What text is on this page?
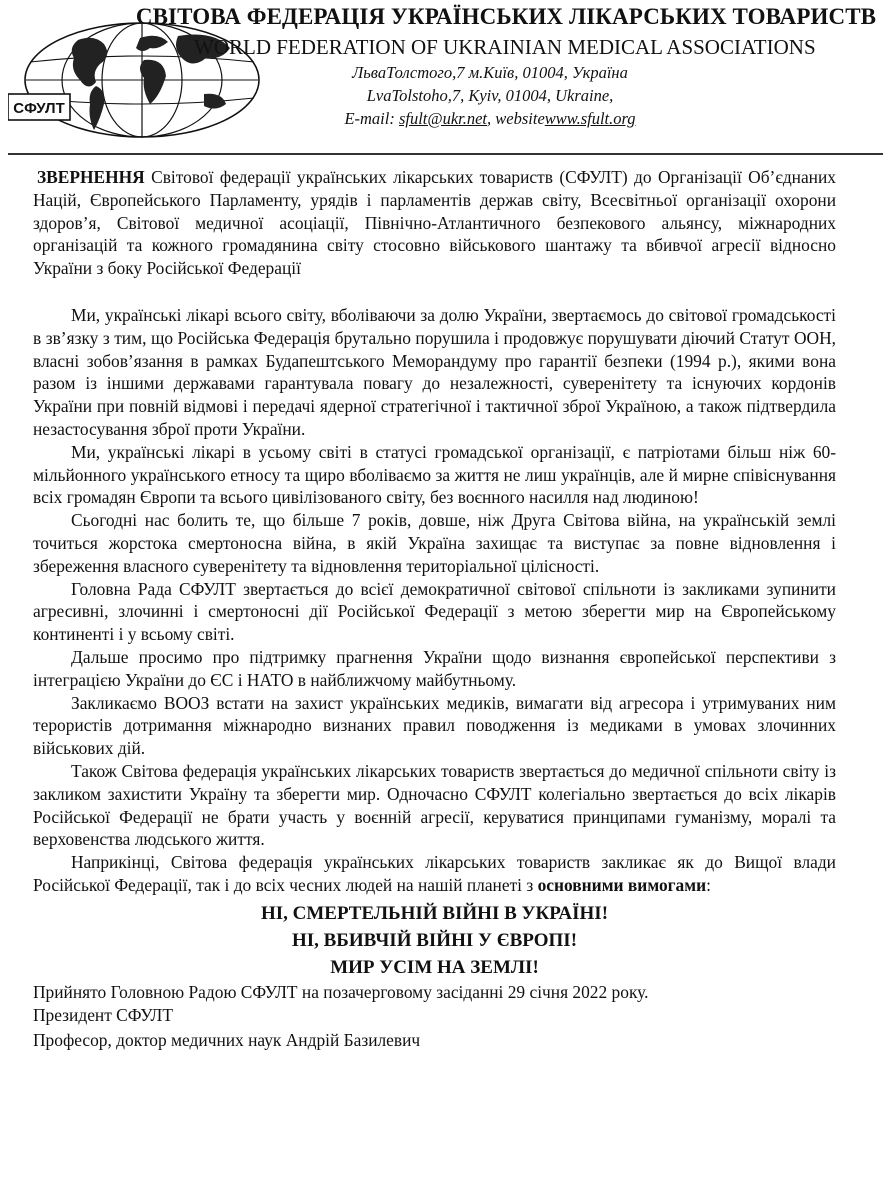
СФУЛТ
СВІТОВА ФЕДЕРАЦІЯ УКРАЇНСЬКИХ ЛІКАРСЬКИХ ТОВАРИСТВ
WORLD FEDERATION OF UKRAINIAN MEDICAL ASSOCIATIONS
ЛьваТолстого,7 м.Київ, 01004, Україна
LvaTolstoho,7, Kyiv, 01004, Ukraine,
E-mail: sfult@ukr.net, websitewww.sfult.org

ЗВЕРНЕННЯ Світової федерації українських лікарських товариств (СФУЛТ) до Організації Об’єднаних Націй, Європейського Парламенту, урядів і парламентів держав світу, Всесвітньої організації охорони здоров’я, Світової медичної асоціації, Північно-Атлантичного безпекового альянсу, міжнародних організацій та кожного громадянина світу стосовно військового шантажу та вбивчої агресії відносно України з боку Російської Федерації

Ми, українські лікарі всього світу, вболіваючи за долю України, звертаємось до світової громадськості в зв’язку з тим, що Російська Федерація брутально порушила і продовжує порушувати діючий Статут ООН, власні зобов’язання в рамках Будапештського Меморандуму про гарантії безпеки (1994 р.), якими вона разом із іншими державами гарантувала повагу до незалежності, суверенітету та існуючих кордонів України при повній відмові і передачі ядерної стратегічної і тактичної зброї Україною, а також підтвердила незастосування зброї проти України.

Ми, українські лікарі в усьому світі в статусі громадської організації, є патріотами більш ніж 60-мільйонного українського етносу та щиро вболіваємо за життя не лиш українців, але й мирне співіснування всіх громадян Європи та всього цивілізованого світу, без воєнного насилля над людиною!

Сьогодні нас болить те, що більше 7 років, довше, ніж Друга Світова війна, на українській землі точиться жорстока смертоносна війна, в якій Україна захищає та виступає за повне відновлення і збереження власного суверенітету та відновлення територіальної цілісності.

Головна Рада СФУЛТ звертається до всієї демократичної світової спільноти із закликами зупинити агресивні, злочинні і смертоносні дії Російської Федерації з метою зберегти мир на Європейському континенті і у всьому світі.

Дальше просимо про підтримку прагнення України щодо визнання європейської перспективи з інтеграцією України до ЄС і НАТО в найближчому майбутньому.

Закликаємо ВООЗ встати на захист українських медиків, вимагати від агресора і утримуваних ним терористів дотримання міжнародно визнаних правил поводження із медиками в умовах злочинних військових дій.

Також Світова федерація українських лікарських товариств звертається до медичної спільноти світу із закликом захистити Україну та зберегти мир. Одночасно СФУЛТ колегіально звертається до всіх лікарів Російської Федерації не брати участь у воєнній агресії, керуватися принципами гуманізму, моралі та верховенства людського життя.

Наприкінці, Світова федерація українських лікарських товариств закликає як до Вищої влади Російської Федерації, так і до всіх чесних людей на нашій планеті з основними вимогами:

НІ, СМЕРТЕЛЬНІЙ ВІЙНІ В УКРАЇНІ!
НІ, ВБИВЧІЙ ВІЙНІ У ЄВРОПІ!
МИР УСІМ НА ЗЕМЛІ!

Прийнято Головною Радою СФУЛТ на позачерговому засіданні 29 січня 2022 року.

Президент СФУЛТ

Професор, доктор медичних наук Андрій Базилевич
